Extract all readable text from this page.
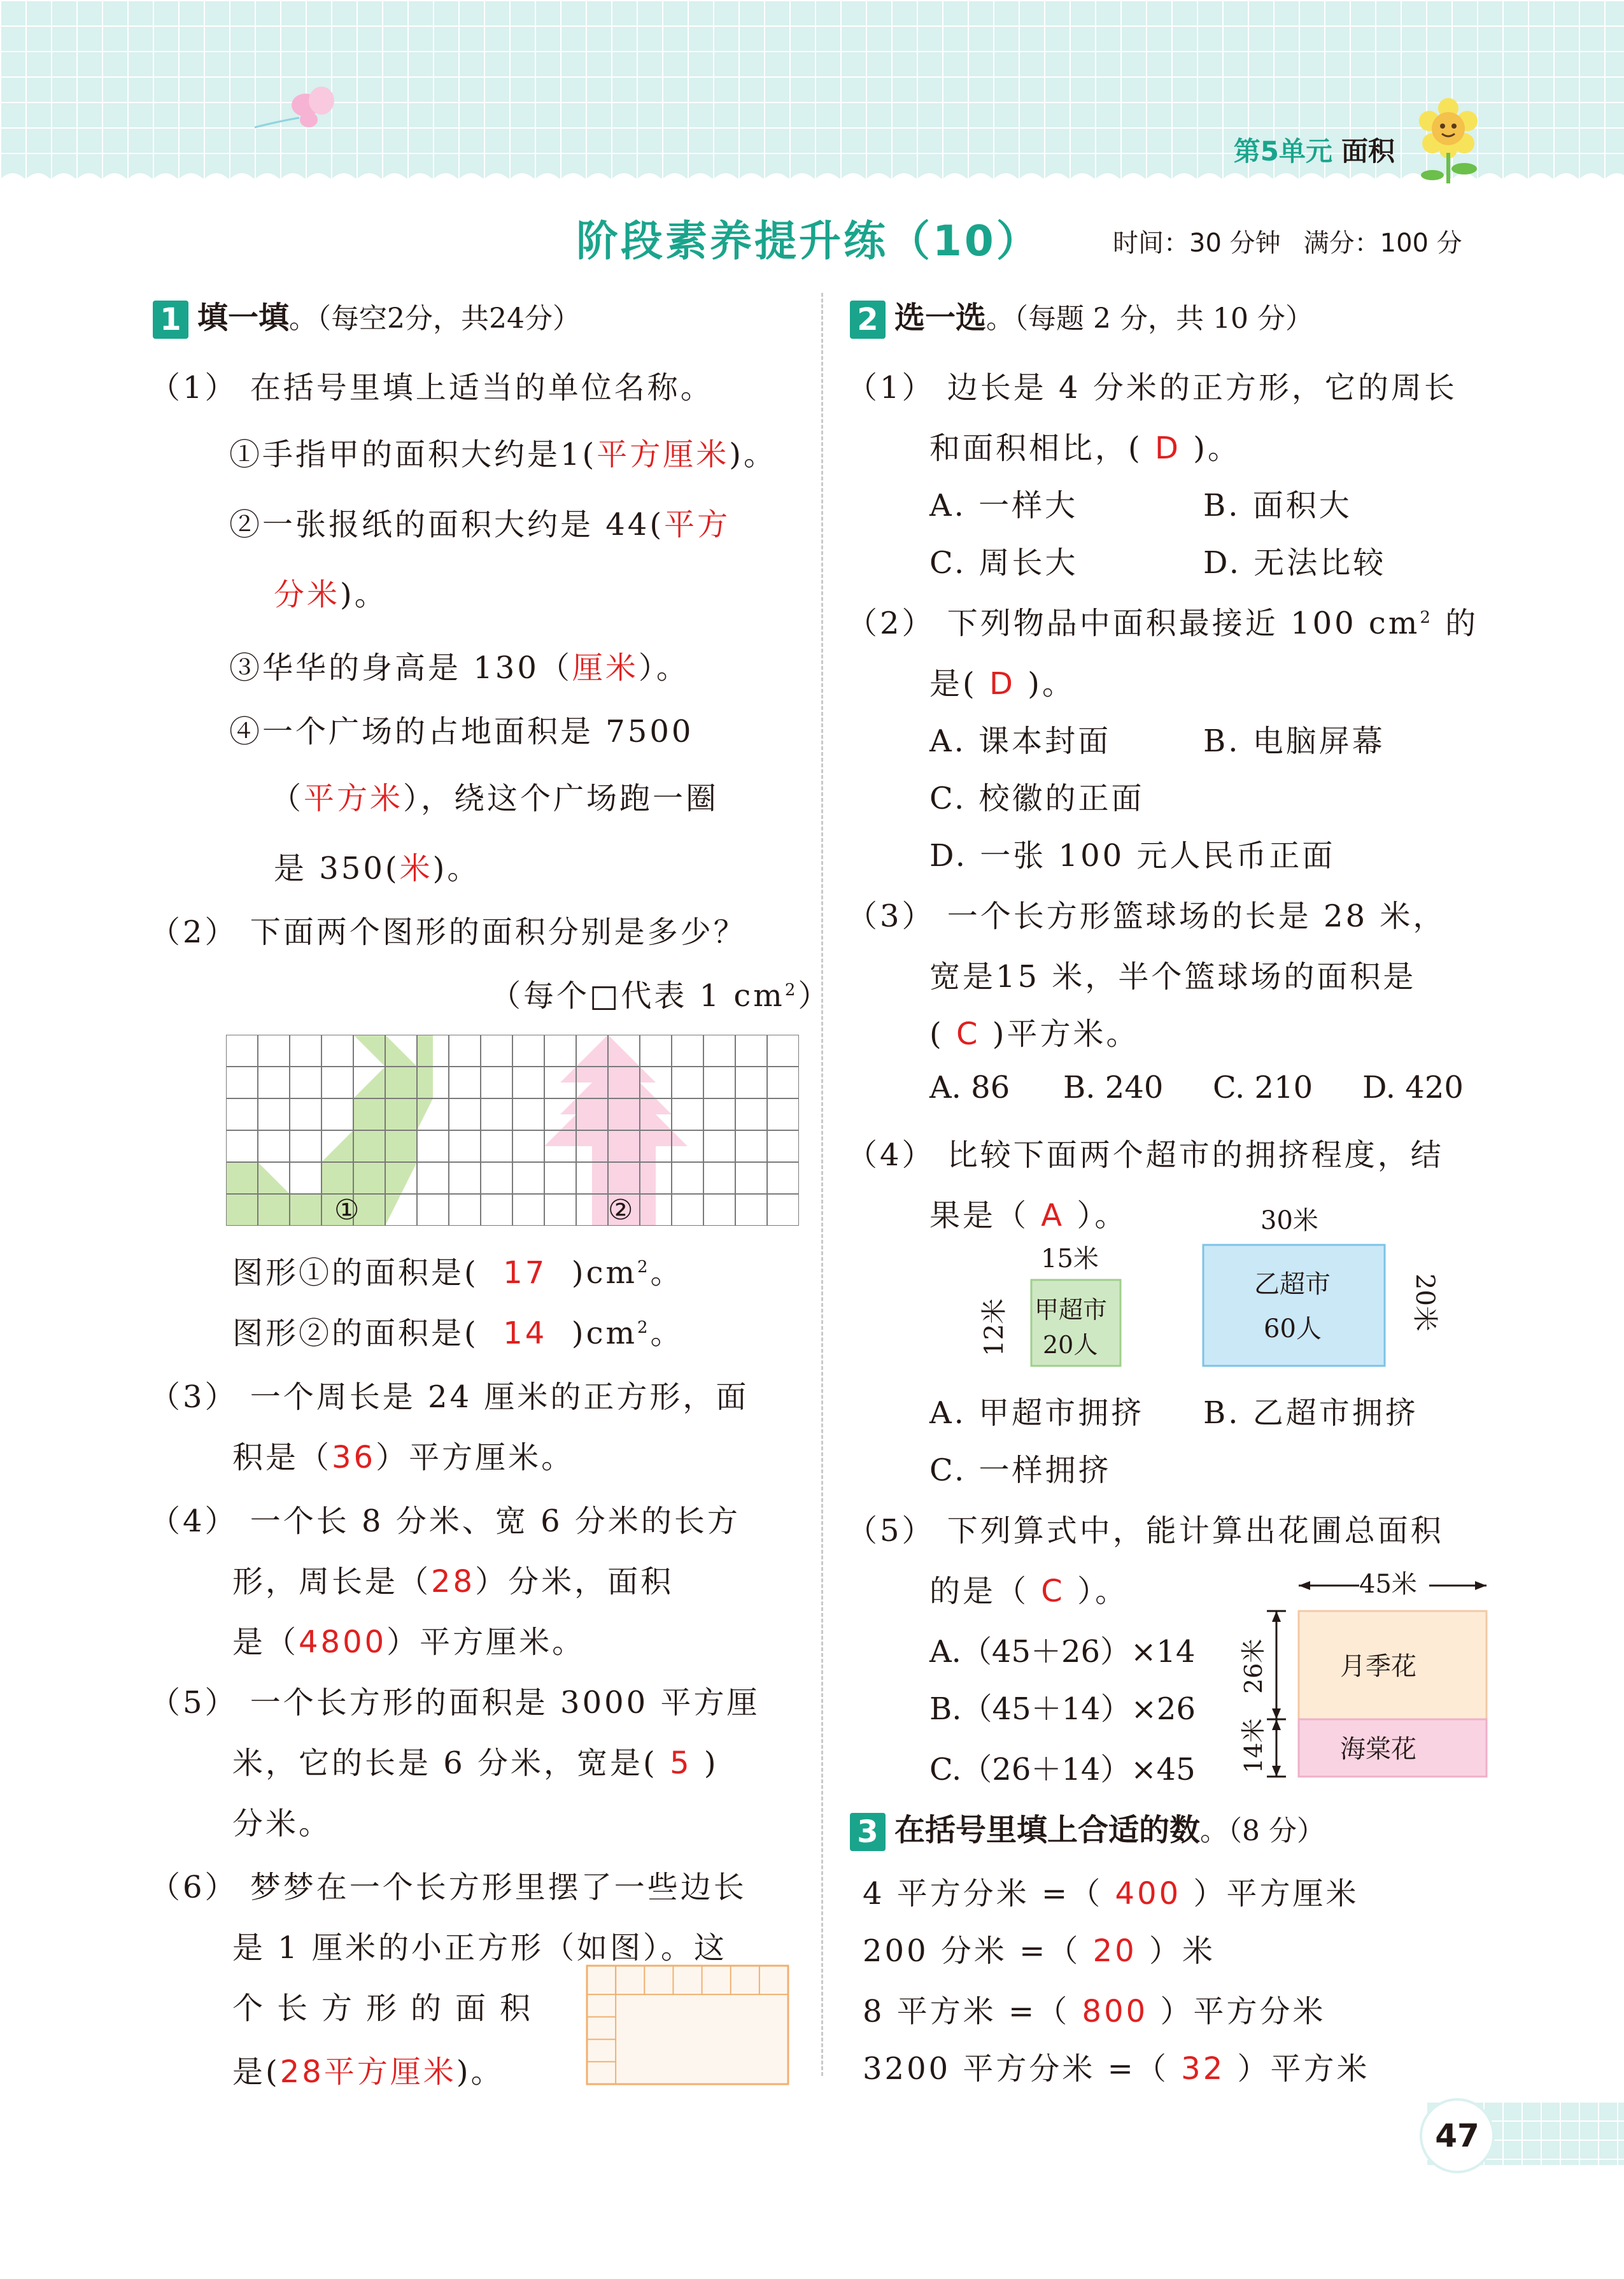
第5单元 面积
阶段素养提升练（10）	时间：30 分钟 满分：100 分
1 填一填。（每空2分，共24分）
（1） 在括号里填上适当的单位名称。
①手指甲的面积大约是1(平方厘米)。
②一张报纸的面积大约是 44(平方
分米)。
③华华的身高是 130（厘米）。
④一个广场的占地面积是 7500
（平方米），绕这个广场跑一圈
是 350(米)。
（2） 下面两个图形的面积分别是多少？
（每个□代表 1 $cm^2$）
①	②
图形①的面积是( 17 )$cm^2$。
图形②的面积是( 14 )$cm^2$。
（3） 一个周长是 24 厘米的正方形，面
积是（36）平方厘米。
（4） 一个长 8 分米、宽 6 分米的长方
形，周长是（28）分米，面积
是（4800）平方厘米。
（5） 一个长方形的面积是 3000 平方厘
米，它的长是 6 分米，宽是( 5 )
分米。
（6） 梦梦在一个长方形里摆了一些边长
是 1 厘米的小正方形（如图）。这
个长方形的面积
是(28平方厘米)。
2 选一选。（每题 2 分，共 10 分）
（1） 边长是 4 分米的正方形，它的周长
和面积相比，( D )。
A. 一样大	B. 面积大
C. 周长大	D. 无法比较
（2） 下列物品中面积最接近 100 $cm^2$ 的
是( D )。
A. 课本封面	B. 电脑屏幕
C. 校徽的正面
D. 一张 100 元人民币正面
（3） 一个长方形篮球场的长是 28 米，
宽是15 米，半个篮球场的面积是
( C )平方米。
A. 86 B. 240 C. 210 D. 420
（4） 比较下面两个超市的拥挤程度，结
果是（ A ）。
15米
12米 甲超市
20人
30米
乙超市
60人	20米
A. 甲超市拥挤 B. 乙超市拥挤
C. 一样拥挤
（5） 下列算式中，能计算出花圃总面积
的是（ C ）。
A.（45＋26）×14
B.（45＋14）×26
C.（26＋14）×45
45米
月季花
海棠花
26米
14米
3 在括号里填上合适的数。（8 分）
4 平方分米 =（ 400 ）平方厘米
200 分米 =（ 20 ）米
8 平方米 =（ 800 ）平方分米
3200 平方分米 =（ 32 ）平方米
47
